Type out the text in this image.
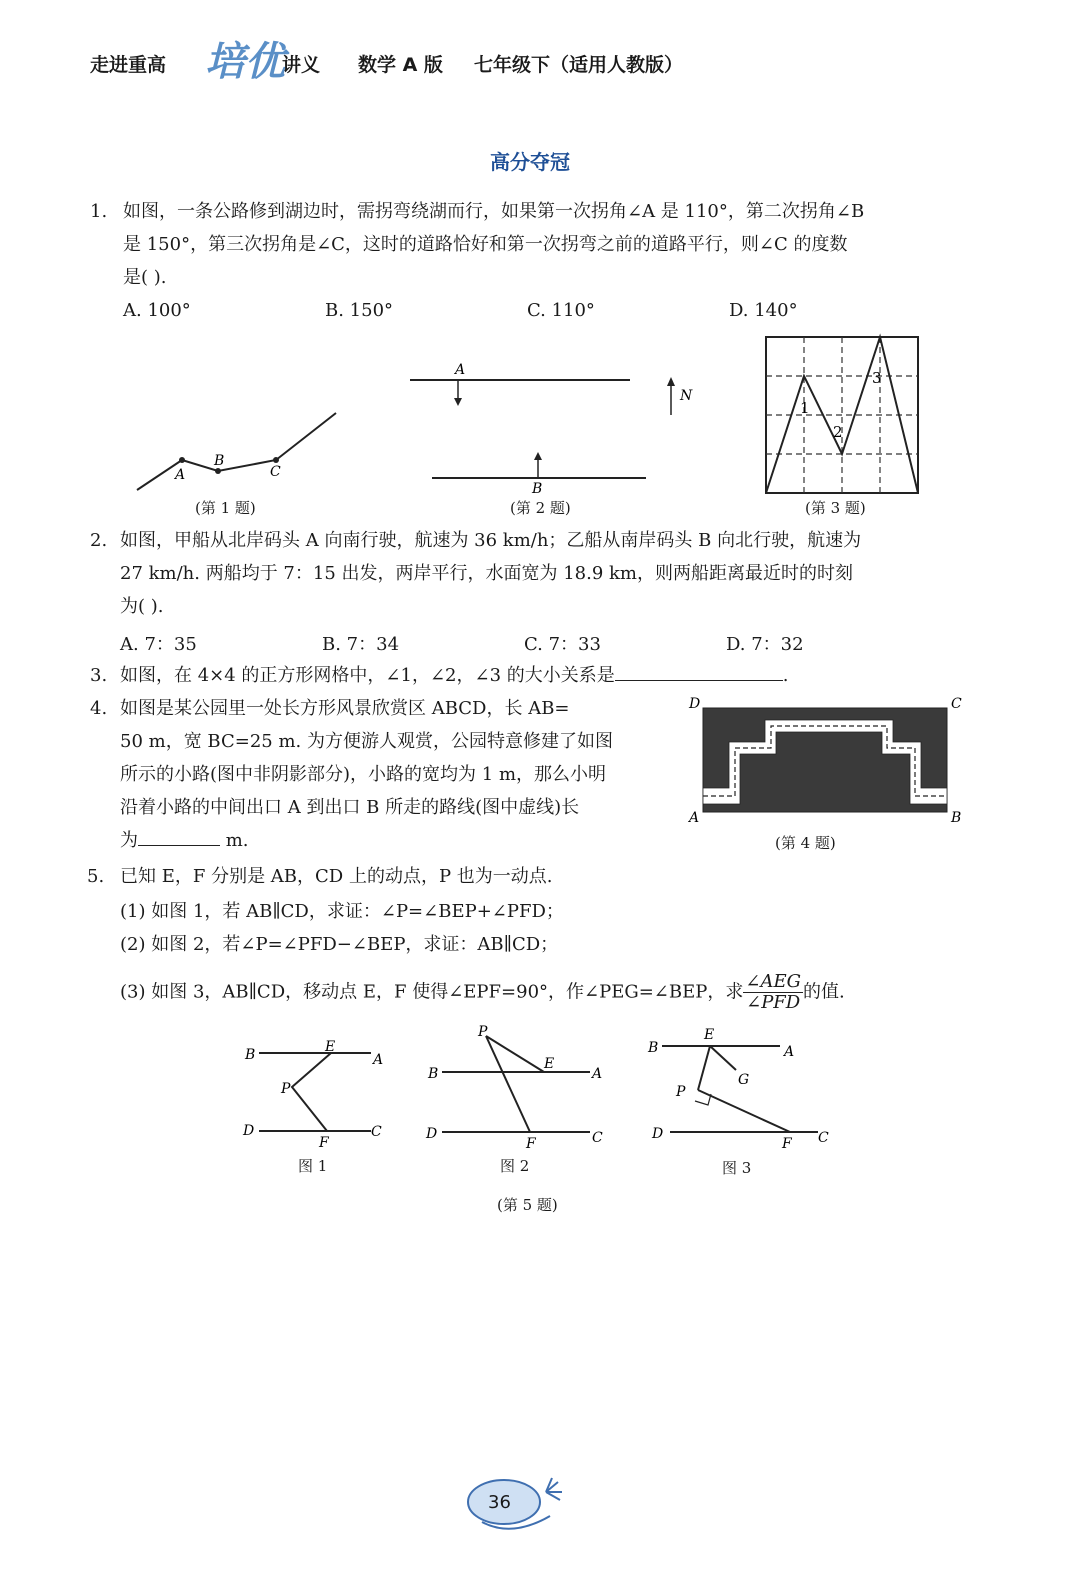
走进重高 培优
讲义 数学 A 版 七年级下（适用人教版）
高分夺冠
1. 如图，一条公路修到湖边时，需拐弯绕湖而行，如果第一次拐角∠A 是 110°，第二次拐角∠B
是 150°，第三次拐角是∠C，这时的道路恰好和第一次拐弯之前的道路平行，则∠C 的度数
是( ).
A. 100°	B. 150°	C. 110°	D. 140°
A
B
C
(第 1 题)
A
B
N
(第 2 题)
1
2
3
(第 3 题)
2. 如图，甲船从北岸码头 A 向南行驶，航速为 36 km/h；乙船从南岸码头 B 向北行驶，航速为
27 km/h. 两船均于 7：15 出发，两岸平行，水面宽为 18.9 km，则两船距离最近时的时刻
为( ).
A. 7：35	B. 7：34	C. 7：33	D. 7：32
3. 如图，在 4×4 的正方形网格中，∠1，∠2，∠3 的大小关系是	.
4. 如图是某公园里一处长方形风景欣赏区 ABCD，长 AB=
50 m，宽 BC=25 m. 为方便游人观赏，公园特意修建了如图
所示的小路(图中非阴影部分)，小路的宽均为 1 m，那么小明
沿着小路的中间出口 A 到出口 B 所走的路线(图中虚线)长
为	m.
D	C
A	B
(第 4 题)
5. 已知 E，F 分别是 AB，CD 上的动点，P 也为一动点.
(1) 如图 1，若 AB∥CD，求证：∠P=∠BEP+∠PFD；
(2) 如图 2，若∠P=∠PFD−∠BEP，求证：AB∥CD；
(3) 如图 3，AB∥CD，移动点 E，F 使得∠EPF=90°，作∠PEG=∠BEP，求 $\frac{\text{∠AEG}}{\text{∠PFD}}$ 的值.
B	E
A
P
D
F
C
图 1
P
B
E
A
D
F	C
图 2
E
B	A
G
P
D
F C
图 3
(第 5 题)
36
